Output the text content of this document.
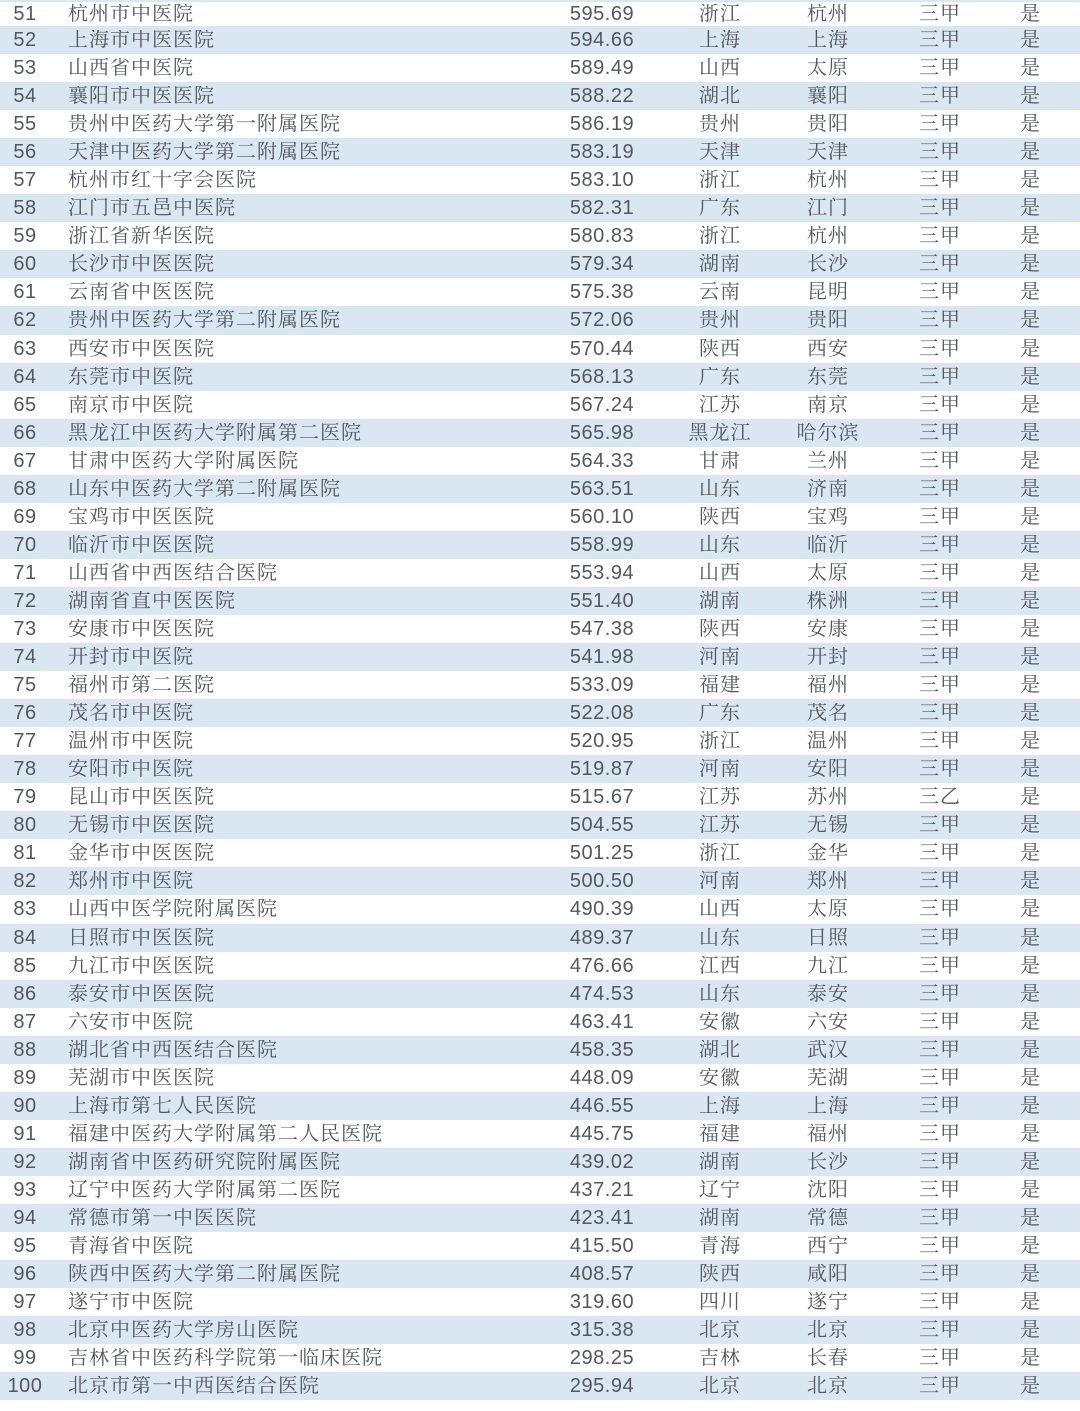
51	杭州市中医院	595.69	浙江	杭州	三甲	是
52	上海市中医医院	594.66	上海	上海	三甲	是
53	山西省中医院	589.49	山西	太原	三甲	是
54	襄阳市中医医院	588.22	湖北	襄阳	三甲	是
55	贵州中医药大学第一附属医院	586.19	贵州	贵阳	三甲	是
56	天津中医药大学第二附属医院	583.19	天津	天津	三甲	是
57	杭州市红十字会医院	583.10	浙江	杭州	三甲	是
58	江门市五邑中医院	582.31	广东	江门	三甲	是
59	浙江省新华医院	580.83	浙江	杭州	三甲	是
60	长沙市中医医院	579.34	湖南	长沙	三甲	是
61	云南省中医医院	575.38	云南	昆明	三甲	是
62	贵州中医药大学第二附属医院	572.06	贵州	贵阳	三甲	是
63	西安市中医医院	570.44	陕西	西安	三甲	是
64	东莞市中医院	568.13	广东	东莞	三甲	是
65	南京市中医院	567.24	江苏	南京	三甲	是
66	黑龙江中医药大学附属第二医院	565.98	黑龙江	哈尔滨	三甲	是
67	甘肃中医药大学附属医院	564.33	甘肃	兰州	三甲	是
68	山东中医药大学第二附属医院	563.51	山东	济南	三甲	是
69	宝鸡市中医医院	560.10	陕西	宝鸡	三甲	是
70	临沂市中医医院	558.99	山东	临沂	三甲	是
71	山西省中西医结合医院	553.94	山西	太原	三甲	是
72	湖南省直中医医院	551.40	湖南	株洲	三甲	是
73	安康市中医医院	547.38	陕西	安康	三甲	是
74	开封市中医院	541.98	河南	开封	三甲	是
75	福州市第二医院	533.09	福建	福州	三甲	是
76	茂名市中医院	522.08	广东	茂名	三甲	是
77	温州市中医院	520.95	浙江	温州	三甲	是
78	安阳市中医院	519.87	河南	安阳	三甲	是
79	昆山市中医医院	515.67	江苏	苏州	三乙	是
80	无锡市中医医院	504.55	江苏	无锡	三甲	是
81	金华市中医医院	501.25	浙江	金华	三甲	是
82	郑州市中医院	500.50	河南	郑州	三甲	是
83	山西中医学院附属医院	490.39	山西	太原	三甲	是
84	日照市中医医院	489.37	山东	日照	三甲	是
85	九江市中医医院	476.66	江西	九江	三甲	是
86	泰安市中医医院	474.53	山东	泰安	三甲	是
87	六安市中医院	463.41	安徽	六安	三甲	是
88	湖北省中西医结合医院	458.35	湖北	武汉	三甲	是
89	芜湖市中医医院	448.09	安徽	芜湖	三甲	是
90	上海市第七人民医院	446.55	上海	上海	三甲	是
91	福建中医药大学附属第二人民医院	445.75	福建	福州	三甲	是
92	湖南省中医药研究院附属医院	439.02	湖南	长沙	三甲	是
93	辽宁中医药大学附属第二医院	437.21	辽宁	沈阳	三甲	是
94	常德市第一中医医院	423.41	湖南	常德	三甲	是
95	青海省中医院	415.50	青海	西宁	三甲	是
96	陕西中医药大学第二附属医院	408.57	陕西	咸阳	三甲	是
97	遂宁市中医院	319.60	四川	遂宁	三甲	是
98	北京中医药大学房山医院	315.38	北京	北京	三甲	是
99	吉林省中医药科学院第一临床医院	298.25	吉林	长春	三甲	是
100	北京市第一中西医结合医院	295.94	北京	北京	三甲	是
